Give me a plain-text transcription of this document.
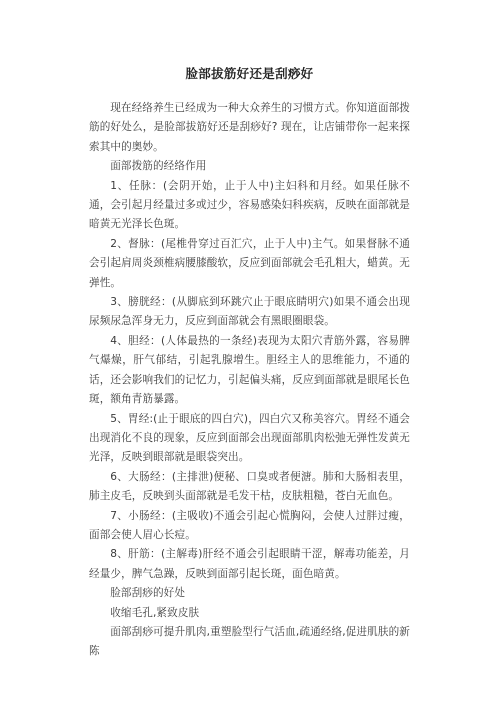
脸部拔筋好还是刮痧好

现在经络养生已经成为一种大众养生的习惯方式。你知道面部拨筋的好处么，是脸部拔筋好还是刮痧好? 现在，让店铺带你一起来探索其中的奥妙。

面部拨筋的经络作用

1、任脉：(会阴开始，止于人中)主妇科和月经。如果任脉不通，会引起月经量过多或过少，容易感染妇科疾病，反映在面部就是暗黄无光泽长色斑。

2、督脉：(尾椎骨穿过百汇穴，止于人中)主气。如果督脉不通会引起肩周炎颈椎病腰膝酸软，反应到面部就会毛孔粗大，蜡黄。无弹性。

3、膀胱经：(从脚底到环跳穴止于眼底睛明穴)如果不通会出现尿频尿急浑身无力，反应到面部就会有黑眼圈眼袋。

4、胆经：(人体最热的一条经)表现为太阳穴青筋外露，容易脾气爆燥，肝气郁结，引起乳腺增生。胆经主人的思维能力，不通的话，还会影响我们的记忆力，引起偏头痛，反应到面部就是眼尾长色斑，额角青筋暴露。

5、胃经:(止于眼底的四白穴)，四白穴又称美容穴。胃经不通会出现消化不良的现象，反应到面部会出现面部肌肉松弛无弹性发黄无光泽，反映到眼部就是眼袋突出。

6、大肠经：(主排泄)便秘、口臭或者便溏。肺和大肠相表里，肺主皮毛，反映到头面部就是毛发干枯，皮肤粗糙，苍白无血色。

7、小肠经：(主吸收)不通会引起心慌胸闷，会使人过胖过瘦，面部会使人眉心长痘。

8、肝筋：(主解毒)肝经不通会引起眼睛干涩，解毒功能差，月经量少，脾气急躁，反映到面部引起长斑，面色暗黄。

脸部刮痧的好处

收缩毛孔,紧致皮肤

面部刮痧可提升肌肉,重塑脸型行气活血,疏通经络,促进肌肤的新陈
